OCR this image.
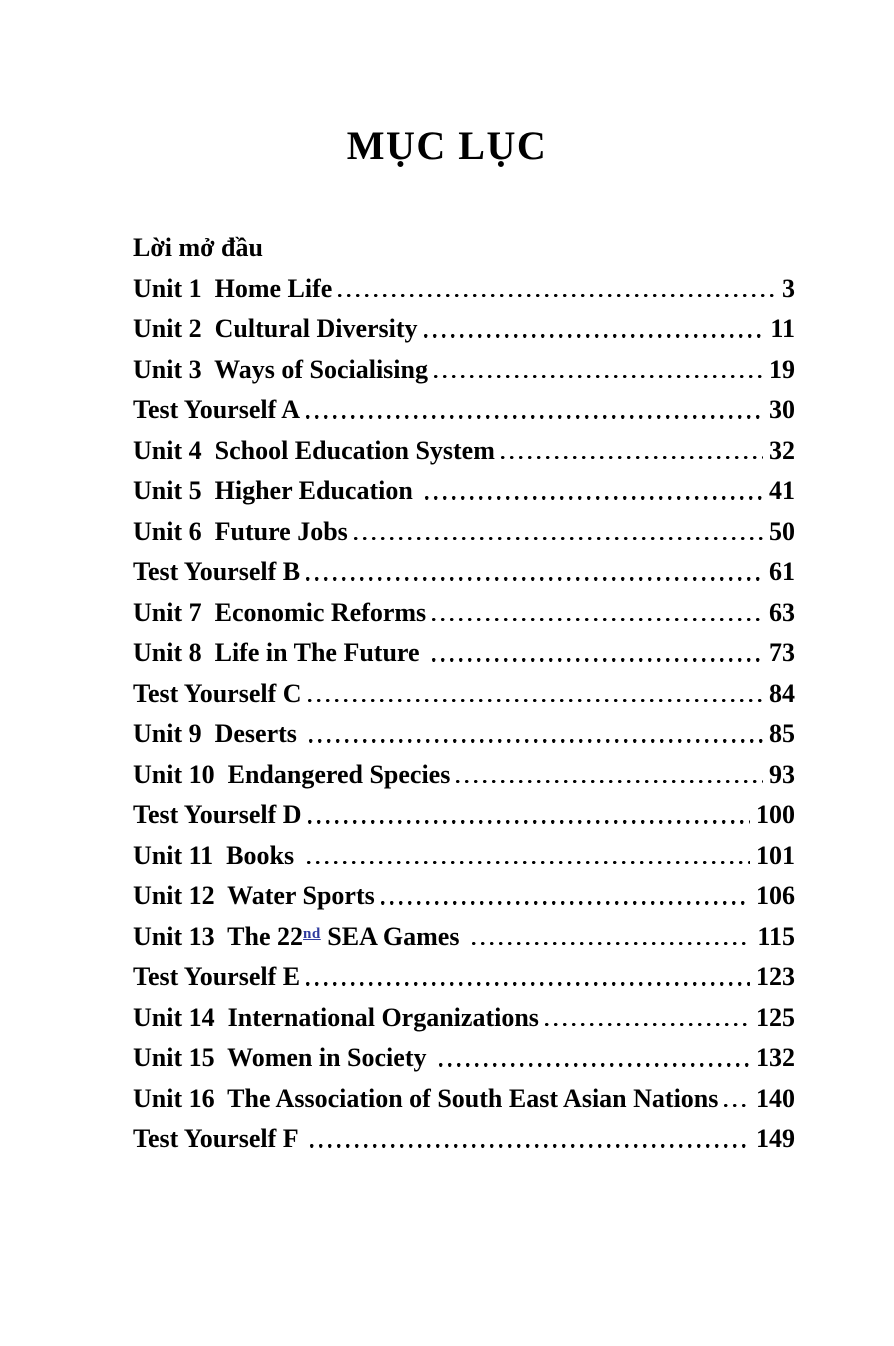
MỤC LỤC
Lời mở đầu
Unit 1  Home Life	3
Unit 2  Cultural Diversity	11
Unit 3  Ways of Socialising	19
Test Yourself A	30
Unit 4  School Education System	32
Unit 5  Higher Education	41
Unit 6  Future Jobs	50
Test Yourself B	61
Unit 7  Economic Reforms	63
Unit 8  Life in The Future	73
Test Yourself C	84
Unit 9  Deserts	85
Unit 10  Endangered Species	93
Test Yourself D	100
Unit 11  Books	101
Unit 12  Water Sports	106
Unit 13  The 22nd SEA Games	115
Test Yourself E	123
Unit 14  International Organizations	125
Unit 15  Women in Society	132
Unit 16  The Association of South East Asian Nations 140
Test Yourself F	149
